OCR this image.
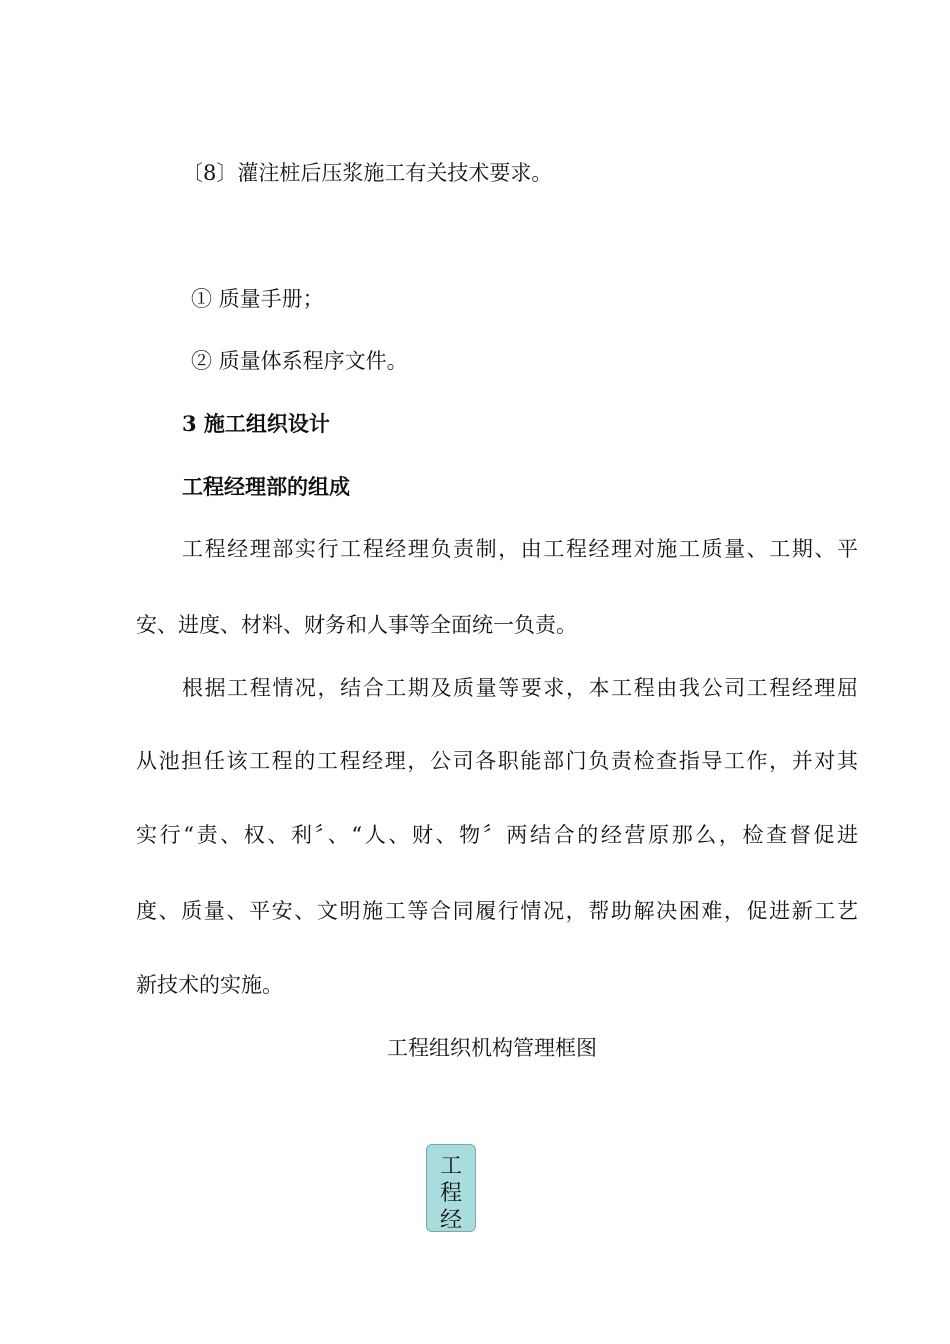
〔8〕灌注桩后压浆施工有关技术要求。

① 质量手册；

② 质量体系程序文件。

3 施工组织设计

工程经理部的组成

工程经理部实行工程经理负责制，由工程经理对施工质量、工期、平

安、进度、材料、财务和人事等全面统一负责。

根据工程情况，结合工期及质量等要求，本工程由我公司工程经理屈

从池担任该工程的工程经理，公司各职能部门负责检查指导工作，并对其

实行“责、权、利〞、“人、财、物〞两结合的经营原那么，检查督促进

度、质量、平安、文明施工等合同履行情况，帮助解决困难，促进新工艺

新技术的实施。

工程组织机构管理框图

工
程
经
